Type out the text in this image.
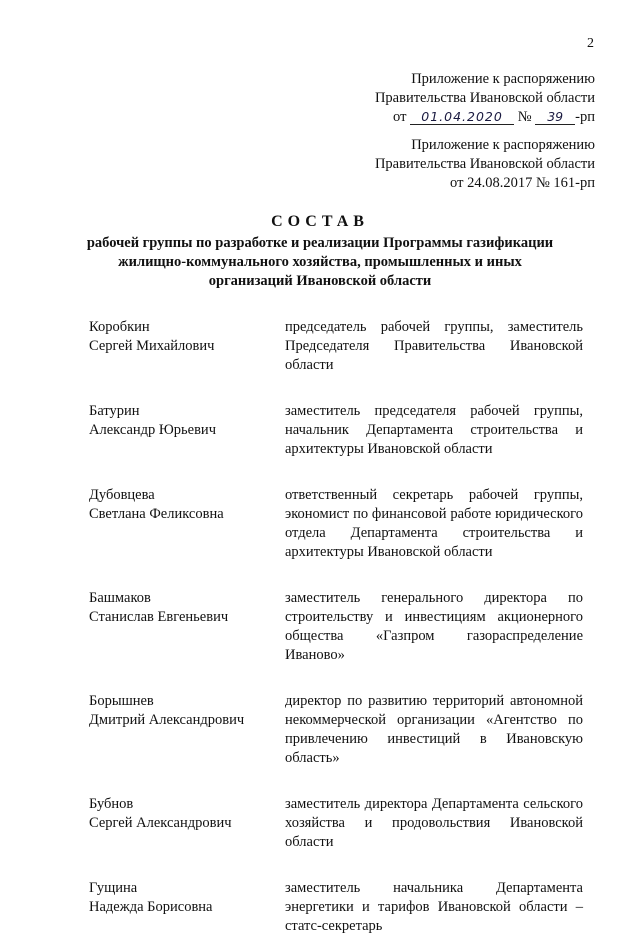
2
Приложение к распоряжению
Правительства Ивановской области
от 01.04.2020 № 39 -рп
Приложение к распоряжению
Правительства Ивановской области
от 24.08.2017 № 161-рп
СОСТАВ
рабочей группы по разработке и реализации Программы газификации
жилищно-коммунального хозяйства, промышленных и иных
организаций Ивановской области
Коробкин
Сергей Михайлович
председатель рабочей группы, заместитель Председателя Правительства Ивановской области
Батурин
Александр Юрьевич
заместитель председателя рабочей группы, начальник Департамента строительства и архитектуры Ивановской области
Дубовцева
Светлана Феликсовна
ответственный секретарь рабочей группы, экономист по финансовой работе юридического отдела Департамента строительства и архитектуры Ивановской области
Башмаков
Станислав Евгеньевич
заместитель генерального директора по строительству и инвестициям акционерного общества «Газпром газораспределение Иваново»
Борышнев
Дмитрий Александрович
директор по развитию территорий автономной некоммерческой организации «Агентство по привлечению инвестиций в Ивановскую область»
Бубнов
Сергей Александрович
заместитель директора Департамента сельского хозяйства и продовольствия Ивановской области
Гущина
Надежда Борисовна
заместитель начальника Департамента энергетики и тарифов Ивановской области – статс-секретарь
